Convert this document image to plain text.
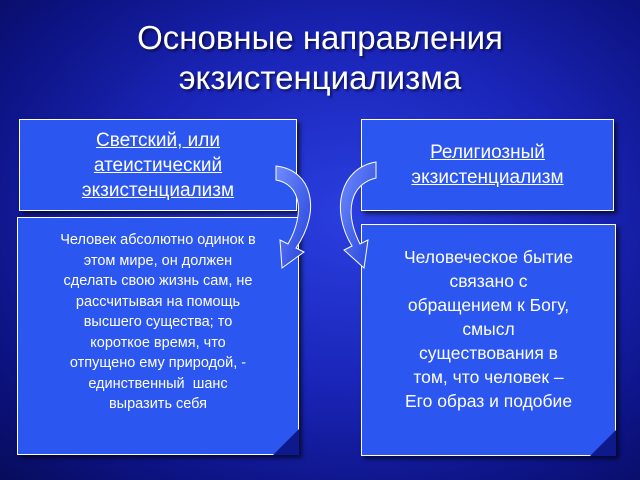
Основные направления
экзистенциализма
Светский, или
атеистический
экзистенциализм
Религиозный
экзистенциализм
Человек абсолютно одинок в
этом мире, он должен
сделать свою жизнь сам, не
рассчитывая на помощь
высшего существа; то
короткое время, что
отпущено ему природой, -
единственный  шанс
выразить себя
Человеческое бытие
связано с
обращением к Богу,
смысл
существования в
том, что человек –
Его образ и подобие
